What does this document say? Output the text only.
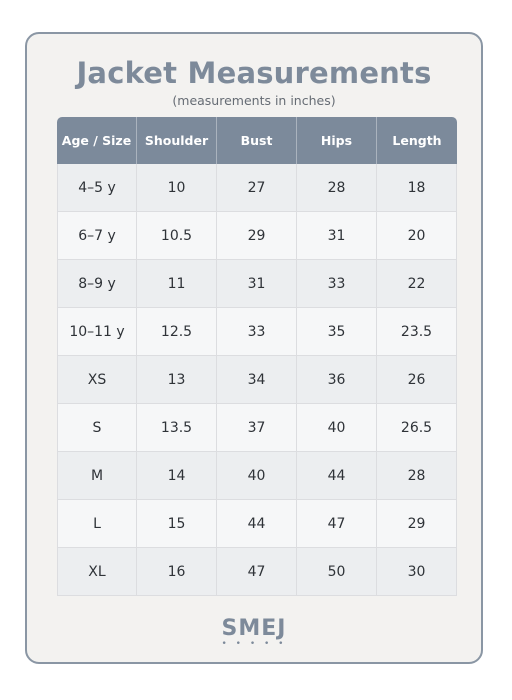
Jacket Measurements
(measurements in inches)
Age / Size	Shoulder	Bust	Hips	Length
4–5 y	10	27	28	18
6–7 y	10.5	29	31	20
8–9 y	11	31	33	22
10–11 y	12.5	33	35	23.5
XS	13	34	36	26
S	13.5	37	40	26.5
M	14	40	44	28
L	15	44	47	29
XL	16	47	50	30
SMEJ
• • • • •
